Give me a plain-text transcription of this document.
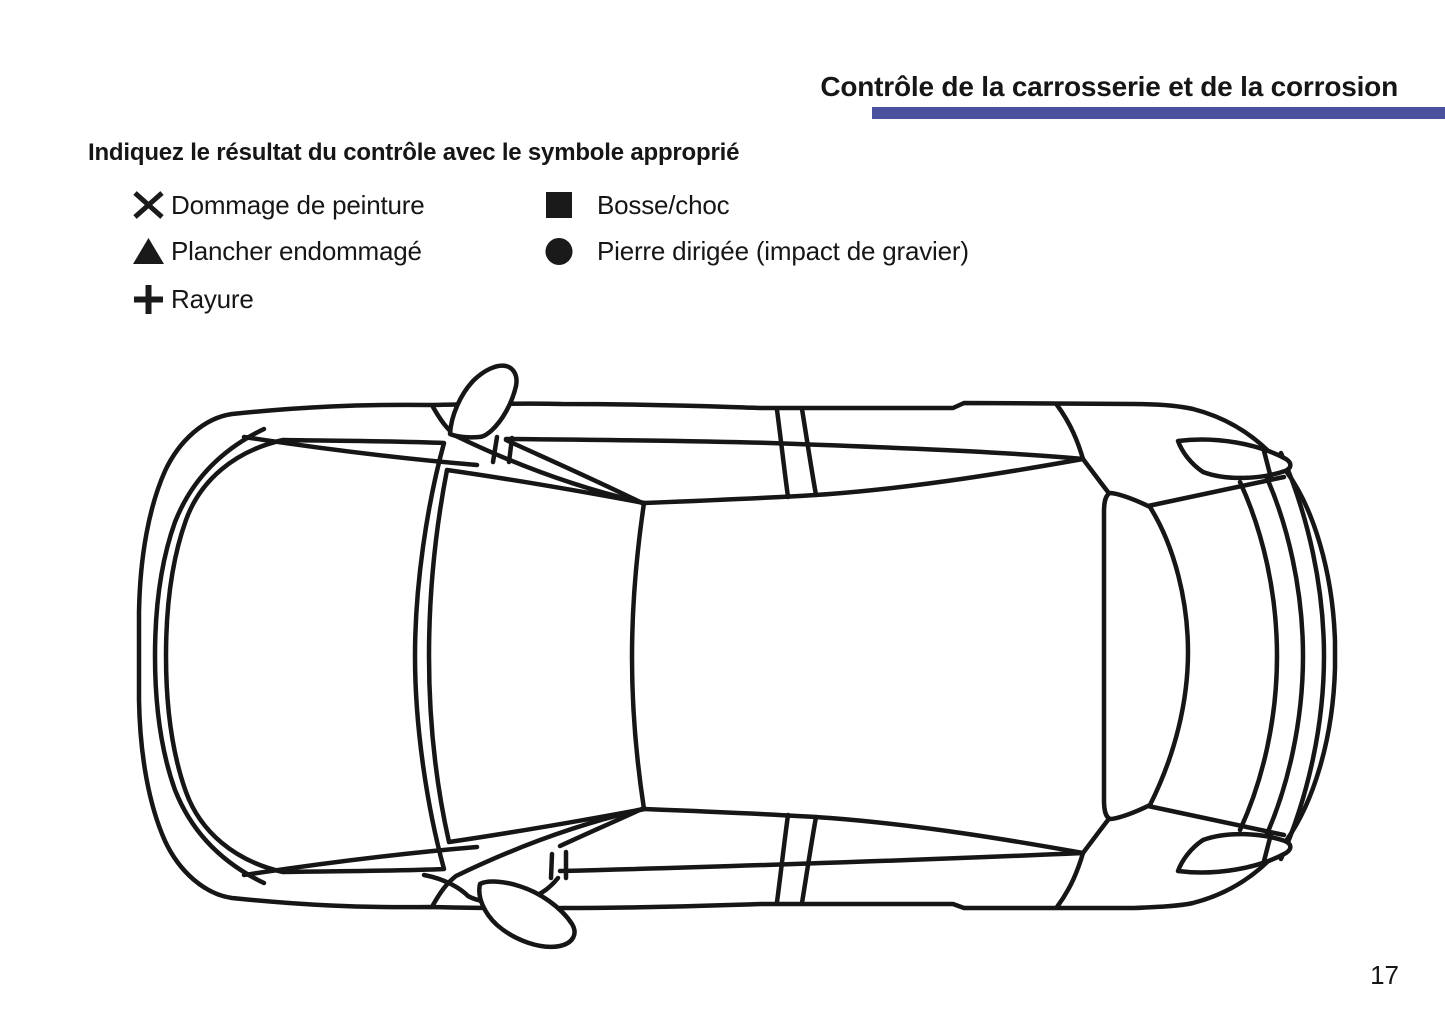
Contrôle de la carrosserie et de la corrosion
Indiquez le résultat du contrôle avec le symbole approprié
Dommage de peinture
Plancher endommagé
Rayure
Bosse/choc
Pierre dirigée (impact de gravier)
17
